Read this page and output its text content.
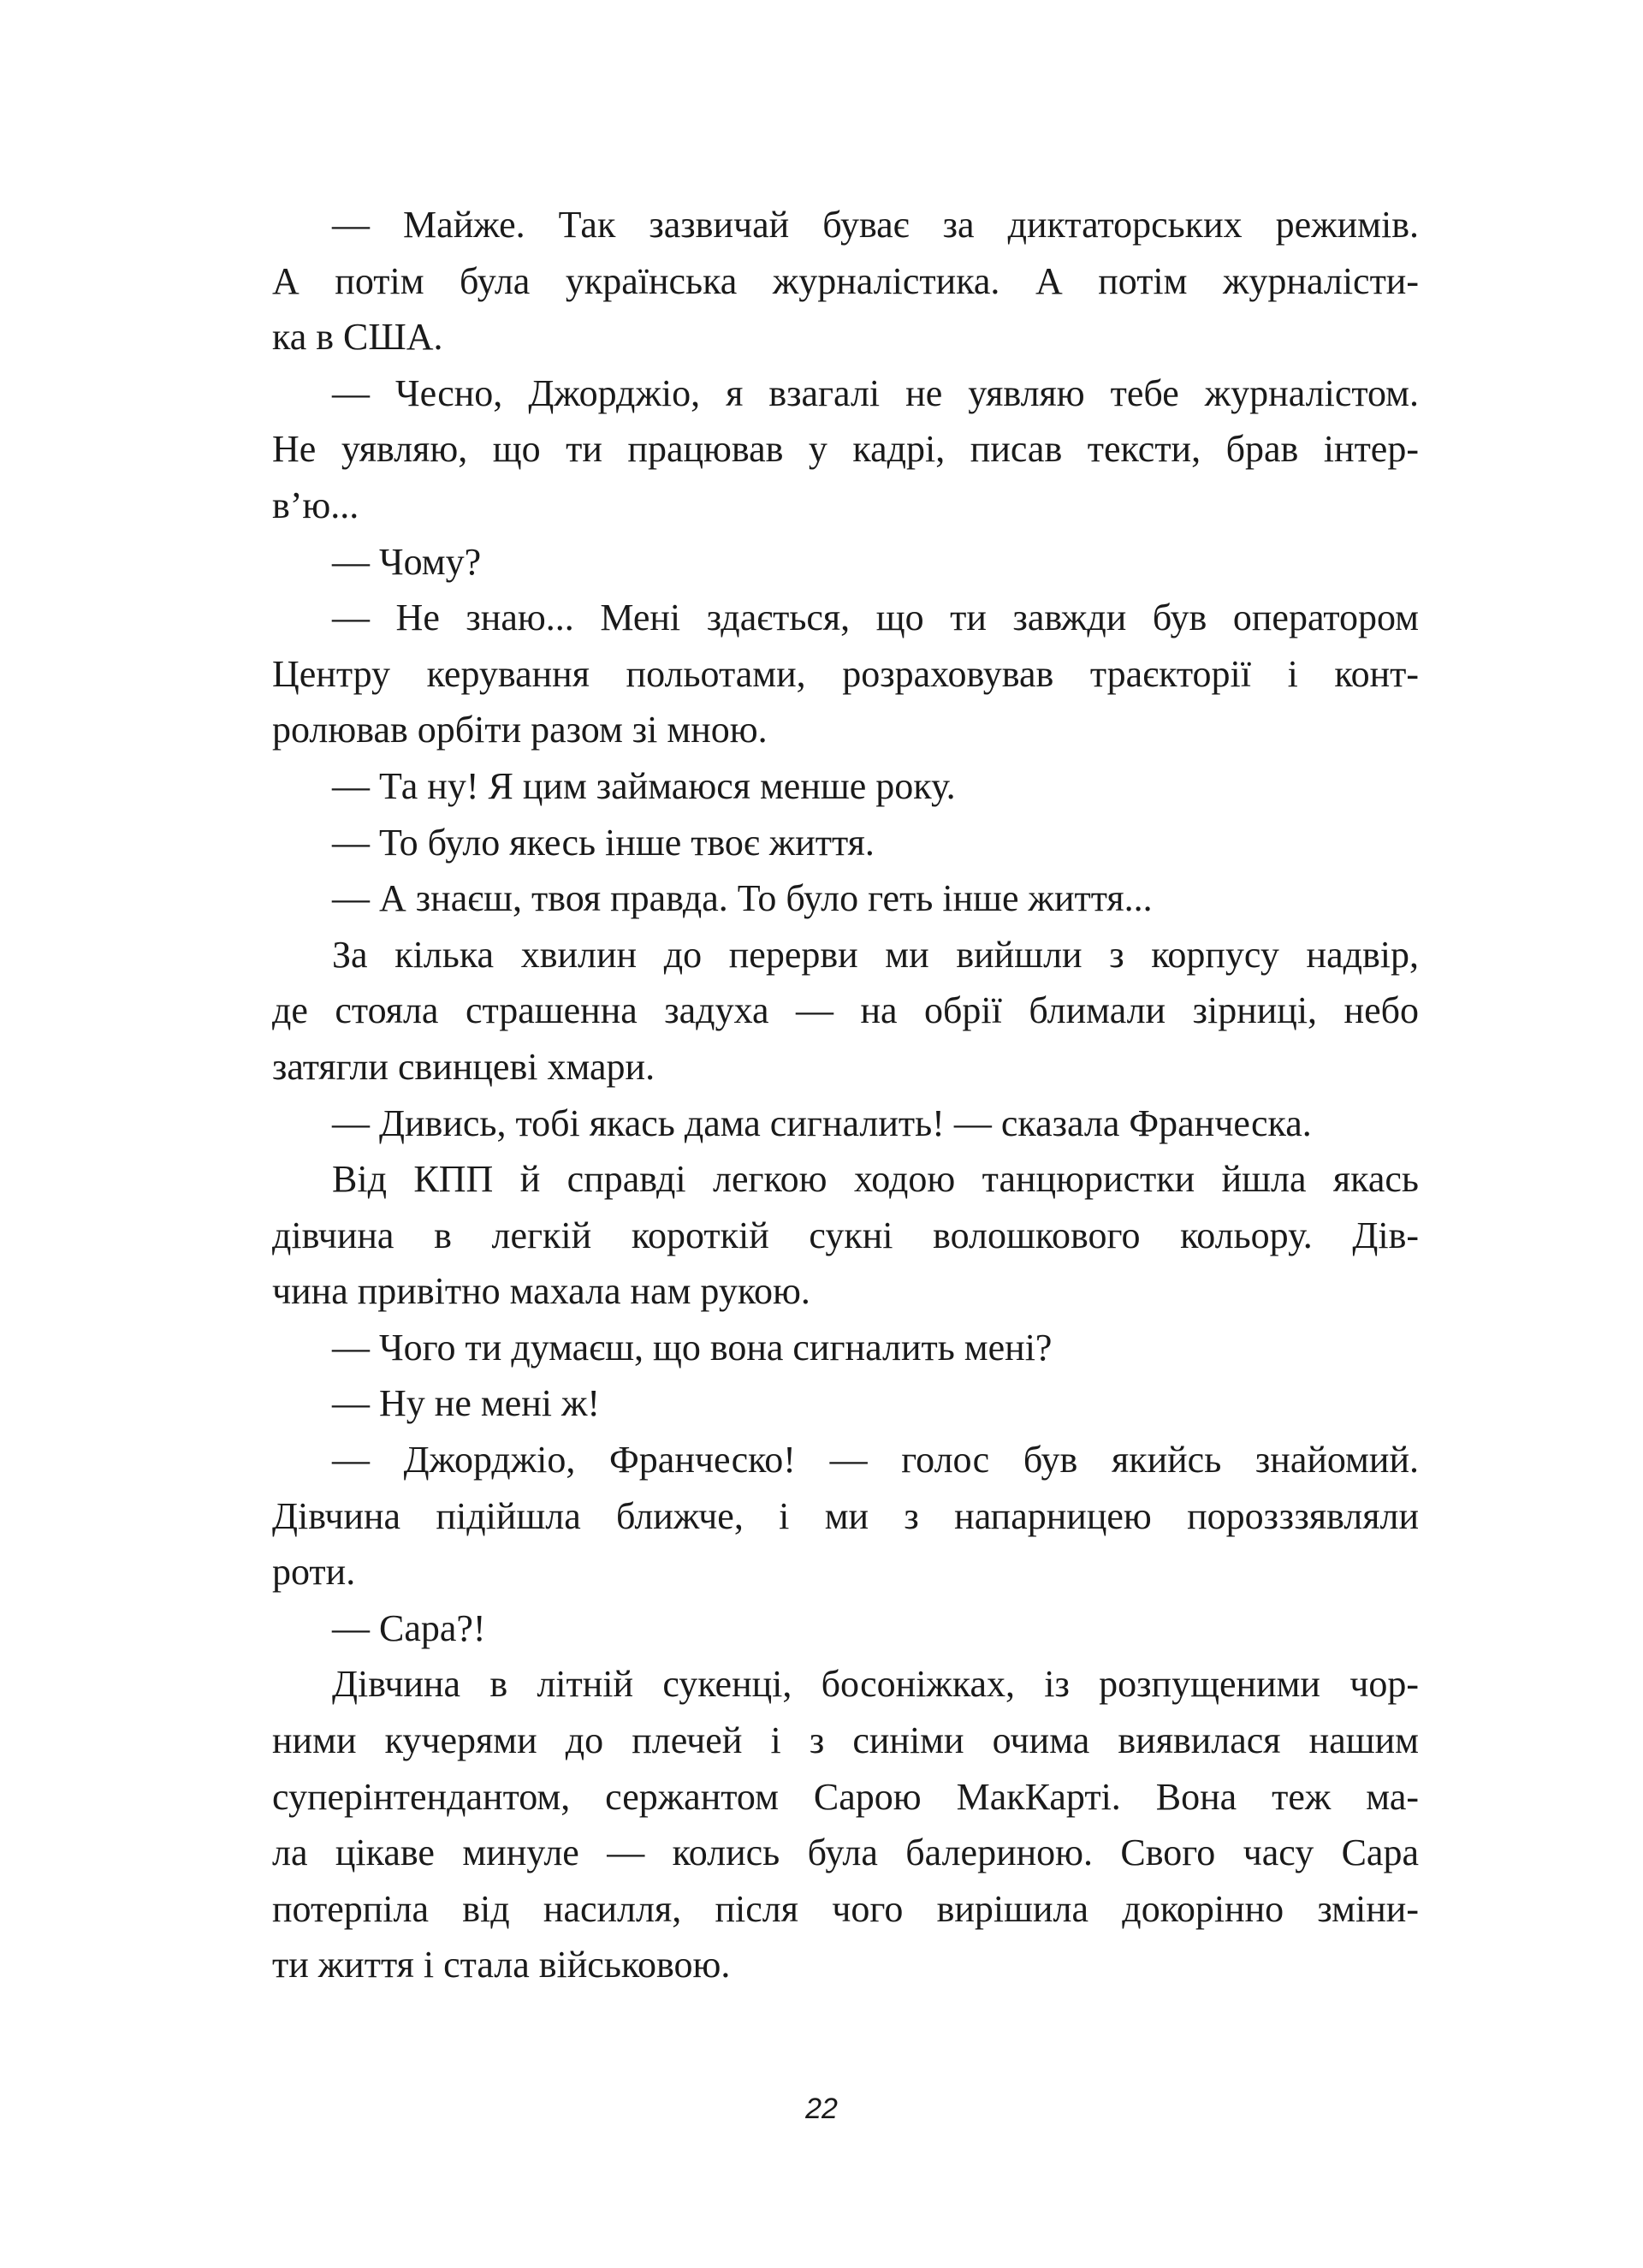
— Майже. Так зазвичай буває за диктаторських режимів.
А потім була українська журналістика. А потім журналісти-
ка в США.
— Чесно, Джорджіо, я взагалі не уявляю тебе журналістом.
Не уявляю, що ти працював у кадрі, писав тексти, брав інтер-
в’ю...
— Чому?
— Не знаю... Мені здається, що ти завжди був оператором
Центру керування польотами, розраховував траєкторії і конт-
ролював орбіти разом зі мною.
— Та ну! Я цим займаюся менше року.
— То було якесь інше твоє життя.
— А знаєш, твоя правда. То було геть інше життя...
За кілька хвилин до перерви ми вийшли з корпусу надвір,
де стояла страшенна задуха — на обрії блимали зірниці, небо
затягли свинцеві хмари.
— Дивись, тобі якась дама сигналить! — сказала Франческа.
Від КПП й справді легкою ходою танцюристки йшла якась
дівчина в легкій короткій сукні волошкового кольору. Дів-
чина привітно махала нам рукою.
— Чого ти думаєш, що вона сигналить мені?
— Ну не мені ж!
— Джорджіо, Франческо! — голос був якийсь знайомий.
Дівчина підійшла ближче, і ми з напарницею порозззявляли
роти.
— Сара?!
Дівчина в літній сукенці, босоніжках, із розпущеними чор-
ними кучерями до плечей і з синіми очима виявилася нашим
суперінтендантом, сержантом Сарою МакКарті. Вона теж ма-
ла цікаве минуле — колись була балериною. Свого часу Сара
потерпіла від насилля, після чого вирішила докорінно зміни-
ти життя і стала військовою.
22
